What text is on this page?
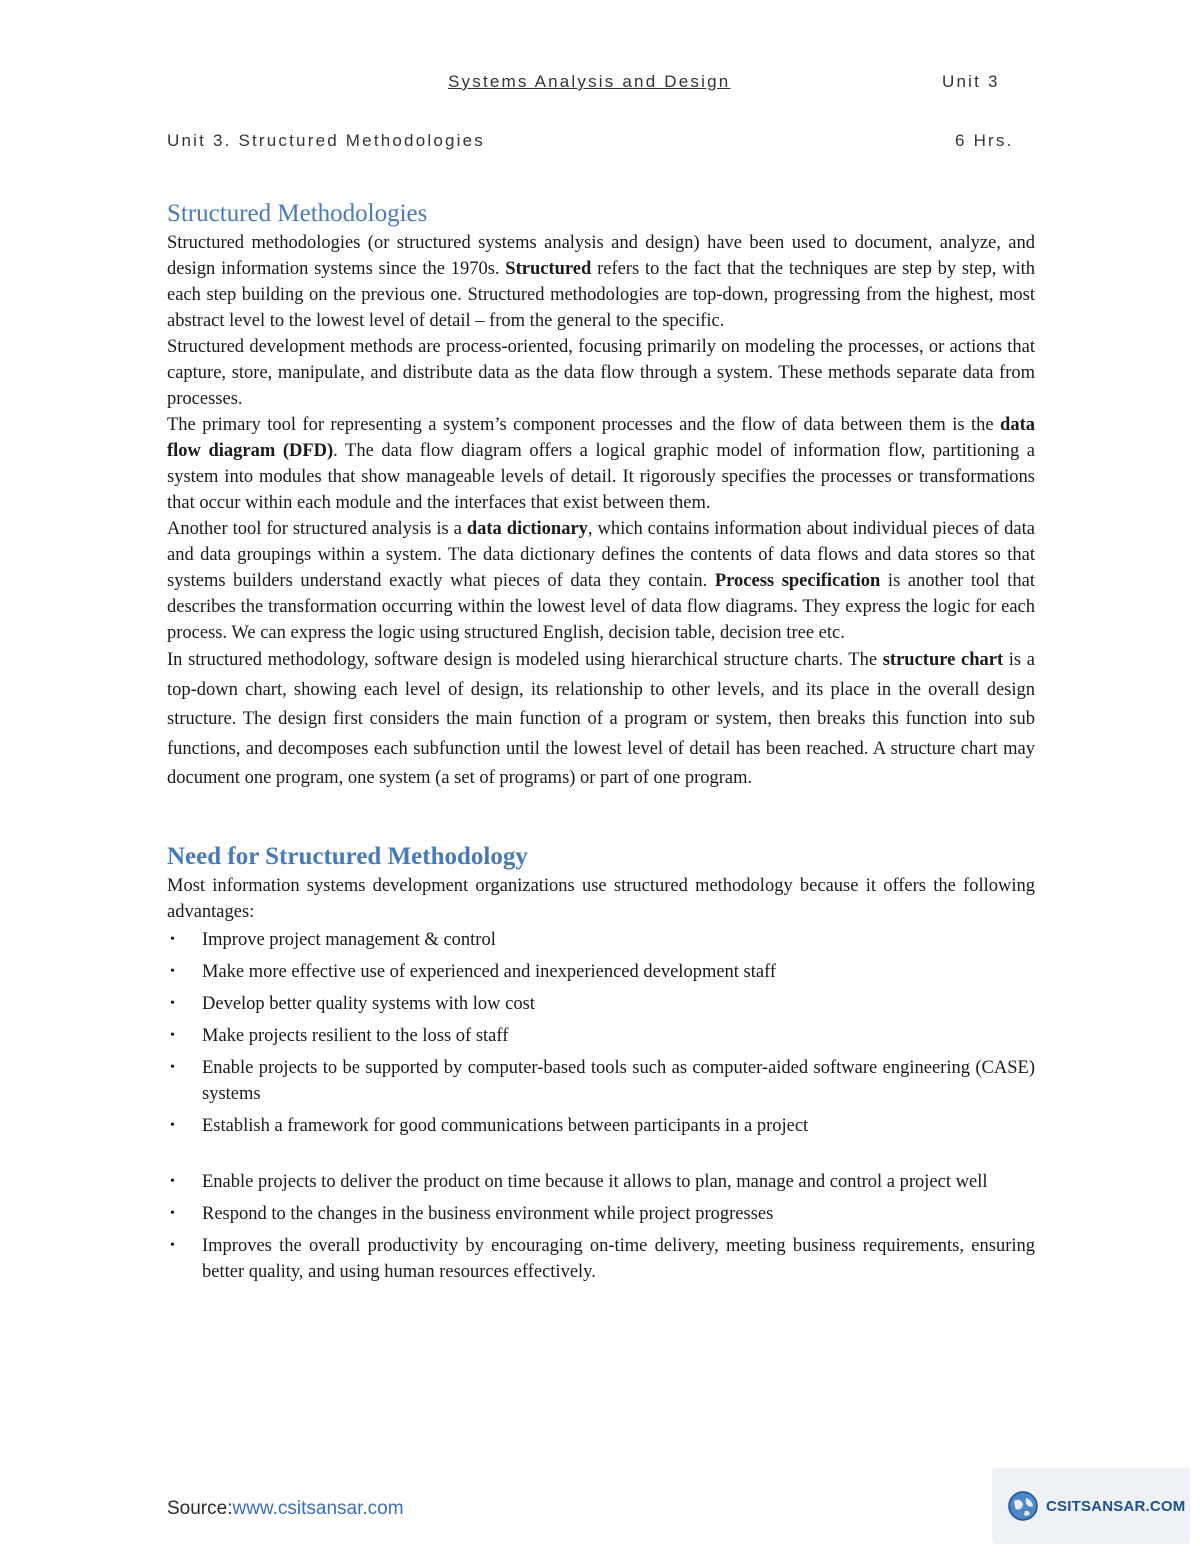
Systems Analysis and Design	Unit 3
Unit 3. Structured Methodologies	6 Hrs.
Structured Methodologies

Structured methodologies (or structured systems analysis and design) have been used to document, analyze, and design information systems since the 1970s. Structured refers to the fact that the techniques are step by step, with each step building on the previous one. Structured methodologies are top-down, progressing from the highest, most abstract level to the lowest level of detail – from the general to the specific.

Structured development methods are process-oriented, focusing primarily on modeling the processes, or actions that capture, store, manipulate, and distribute data as the data flow through a system. These methods separate data from processes.

The primary tool for representing a system’s component processes and the flow of data between them is the data flow diagram (DFD). The data flow diagram offers a logical graphic model of information flow, partitioning a system into modules that show manageable levels of detail. It rigorously specifies the processes or transformations that occur within each module and the interfaces that exist between them.

Another tool for structured analysis is a data dictionary, which contains information about individual pieces of data and data groupings within a system. The data dictionary defines the contents of data flows and data stores so that systems builders understand exactly what pieces of data they contain. Process specification is another tool that describes the transformation occurring within the lowest level of data flow diagrams. They express the logic for each process. We can express the logic using structured English, decision table, decision tree etc.

In structured methodology, software design is modeled using hierarchical structure charts. The structure chart is a top-down chart, showing each level of design, its relationship to other levels, and its place in the overall design structure. The design first considers the main function of a program or system, then breaks this function into sub functions, and decomposes each subfunction until the lowest level of detail has been reached. A structure chart may document one program, one system (a set of programs) or part of one program.

Need for Structured Methodology

Most information systems development organizations use structured methodology because it offers the following advantages:

• Improve project management & control
• Make more effective use of experienced and inexperienced development staff
• Develop better quality systems with low cost
• Make projects resilient to the loss of staff
• Enable projects to be supported by computer-based tools such as computer-aided software engineering (CASE) systems
• Establish a framework for good communications between participants in a project
• Enable projects to deliver the product on time because it allows to plan, manage and control a project well
• Respond to the changes in the business environment while project progresses
• Improves the overall productivity by encouraging on-time delivery, meeting business requirements, ensuring better quality, and using human resources effectively.
Source:www.csitsansar.com	CSITSANSAR.COM
